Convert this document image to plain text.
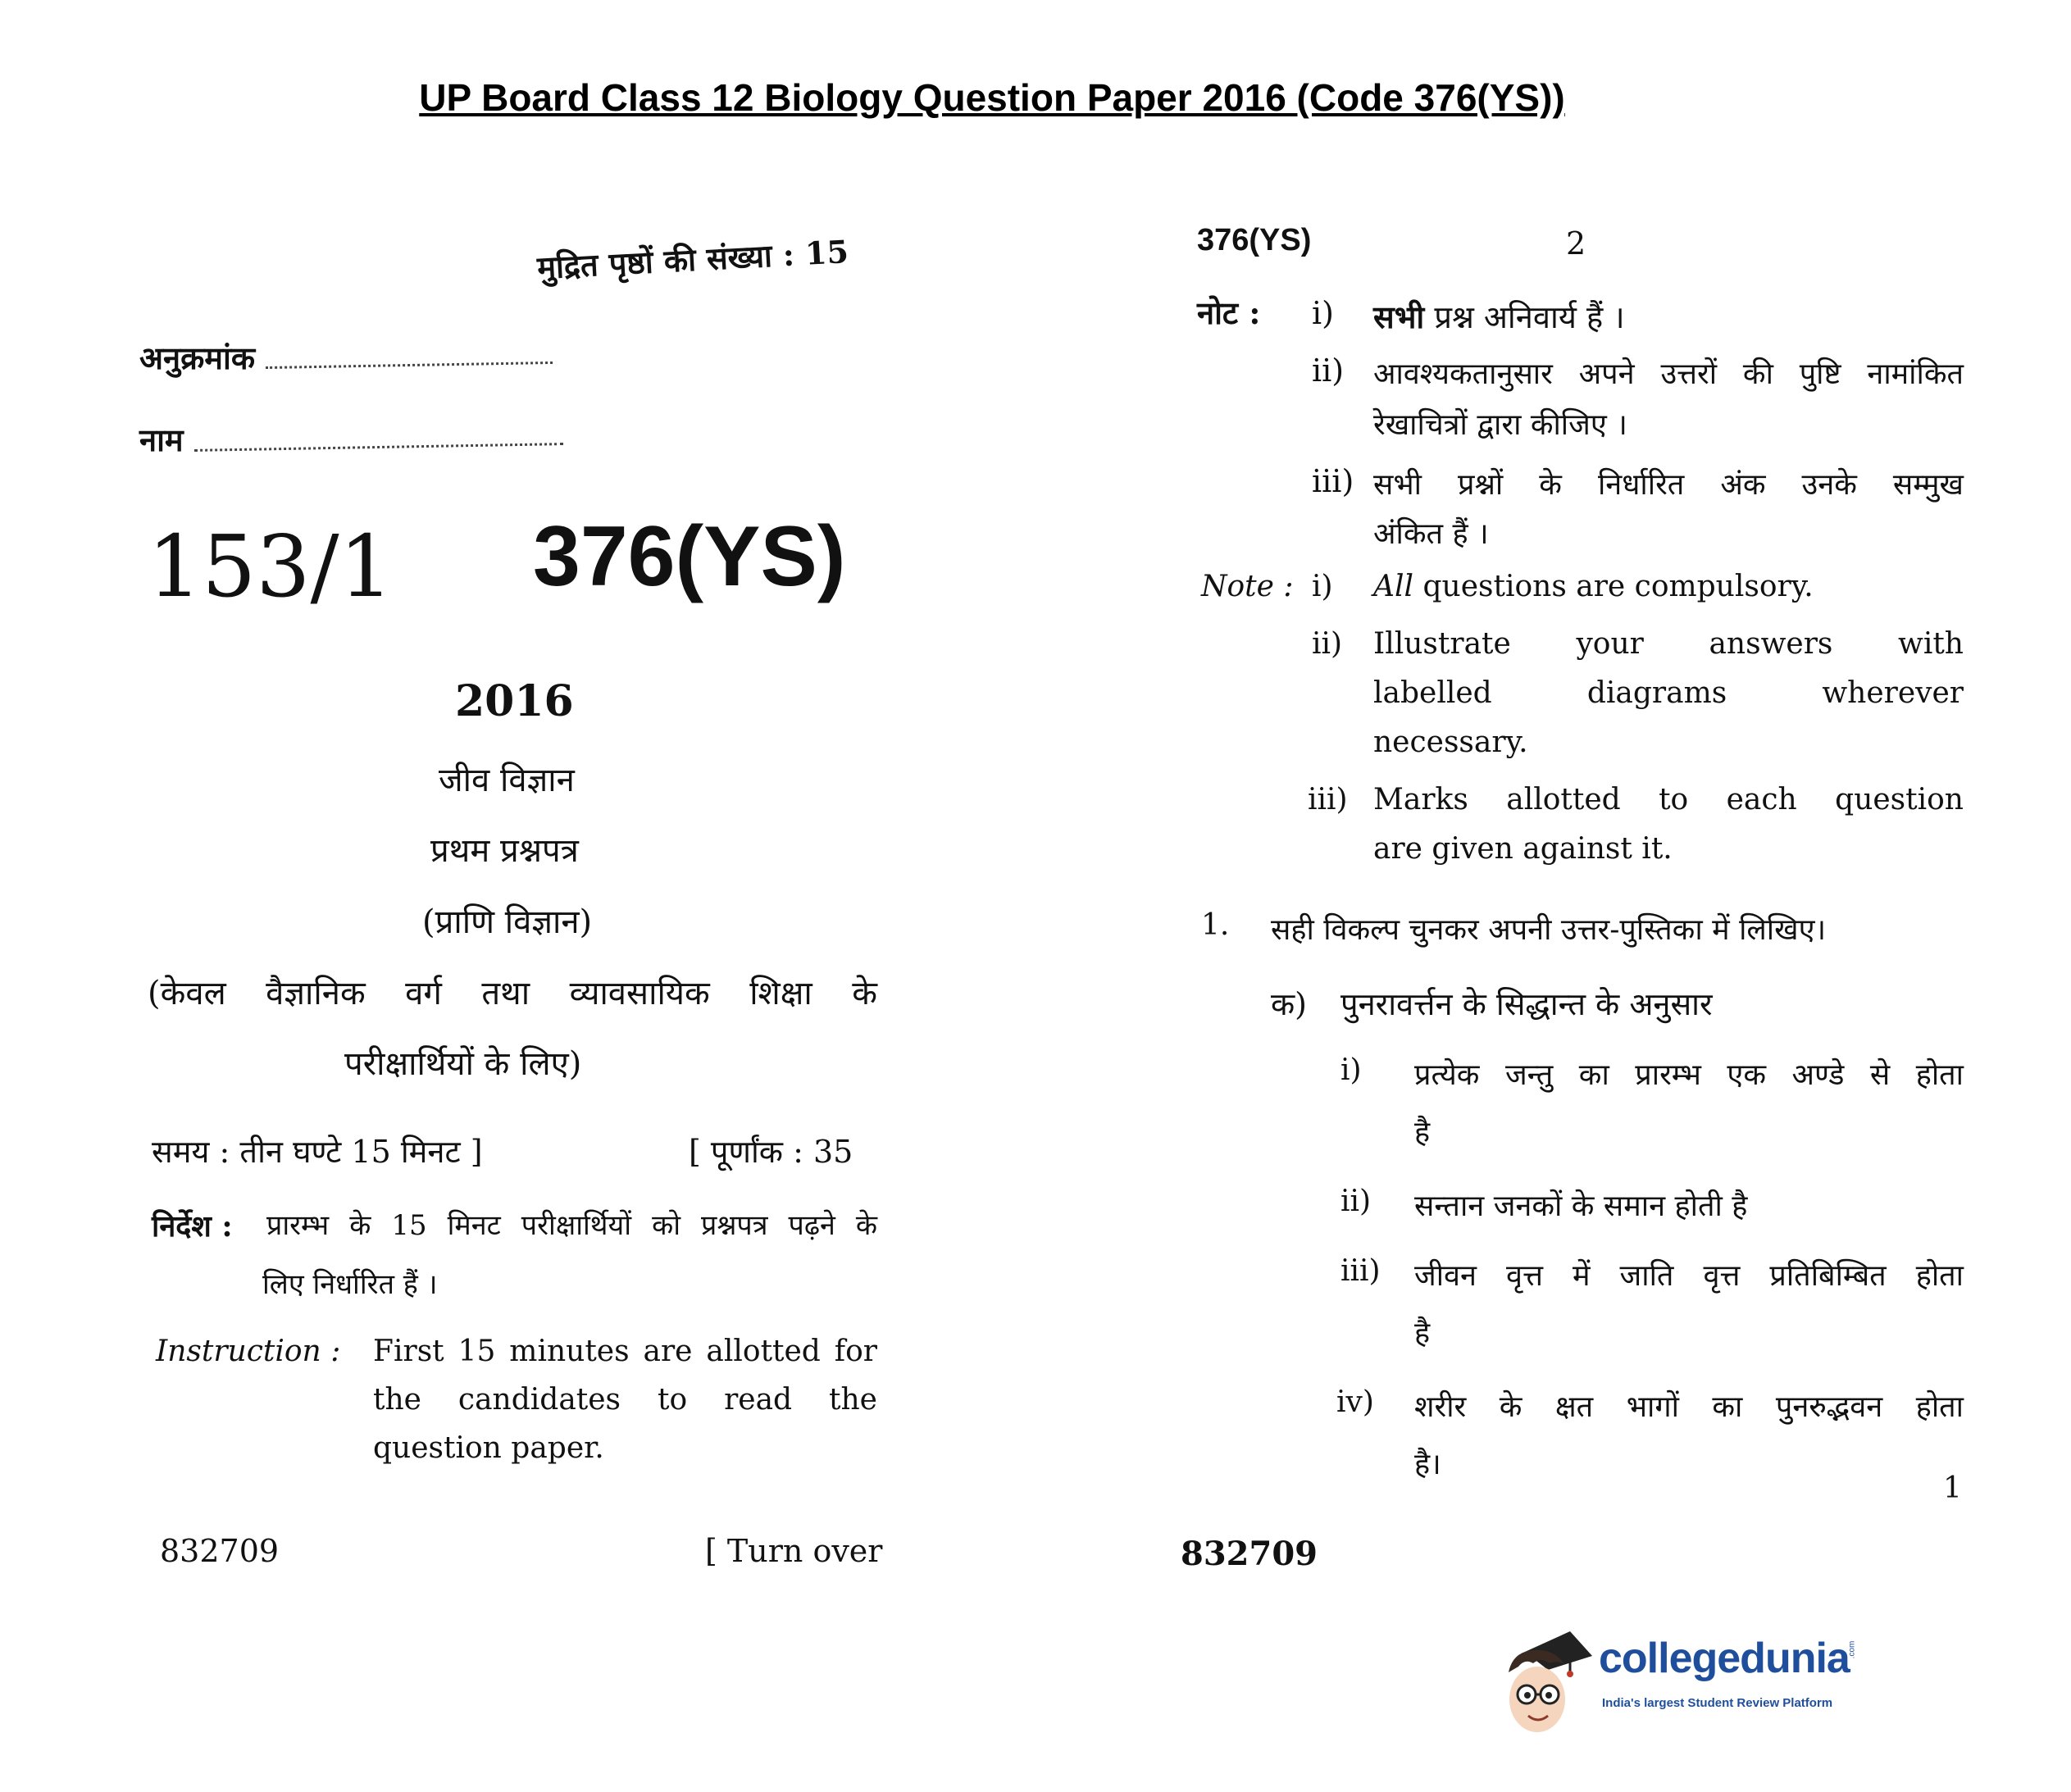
UP Board Class 12 Biology Question Paper 2016 (Code 376(YS))
मुद्रित पृष्ठों की संख्या : 15
अनुक्रमांक
नाम
153/1 376(YS)
2016
जीव विज्ञान
प्रथम प्रश्नपत्र
(प्राणि विज्ञान)
(केवल वैज्ञानिक वर्ग तथा व्यावसायिक शिक्षा के
परीक्षार्थियों के लिए)
समय : तीन घण्टे 15 मिनट ]	[ पूर्णांक : 35
निर्देश : प्रारम्भ के 15 मिनट परीक्षार्थियों को प्रश्नपत्र पढ़ने के
लिए निर्धारित हैं ।
Instruction : First 15 minutes are allotted for
the candidates to read the
question paper.
832709	[ Turn over
376(YS)	2
नोट : i) सभी प्रश्न अनिवार्य हैं ।
ii) आवश्यकतानुसार अपने उत्तरों की पुष्टि नामांकित
रेखाचित्रों द्वारा कीजिए ।
iii) सभी प्रश्नों के निर्धारित अंक उनके सम्मुख
अंकित हैं ।
Note : i) All questions are compulsory.
ii) Illustrate your answers with
labelled diagrams wherever
necessary.
iii) Marks allotted to each question
are given against it.
1. सही विकल्प चुनकर अपनी उत्तर-पुस्तिका में लिखिए।
क) पुनरावर्त्तन के सिद्धान्त के अनुसार
i) प्रत्येक जन्तु का प्रारम्भ एक अण्डे से होता
है
ii) सन्तान जनकों के समान होती है
iii) जीवन वृत्त में जाति वृत्त प्रतिबिम्बित होता
है
iv) शरीर के क्षत भागों का पुनरुद्भवन होता
है।
1
832709
collegedunia
.com
India's largest Student Review Platform
